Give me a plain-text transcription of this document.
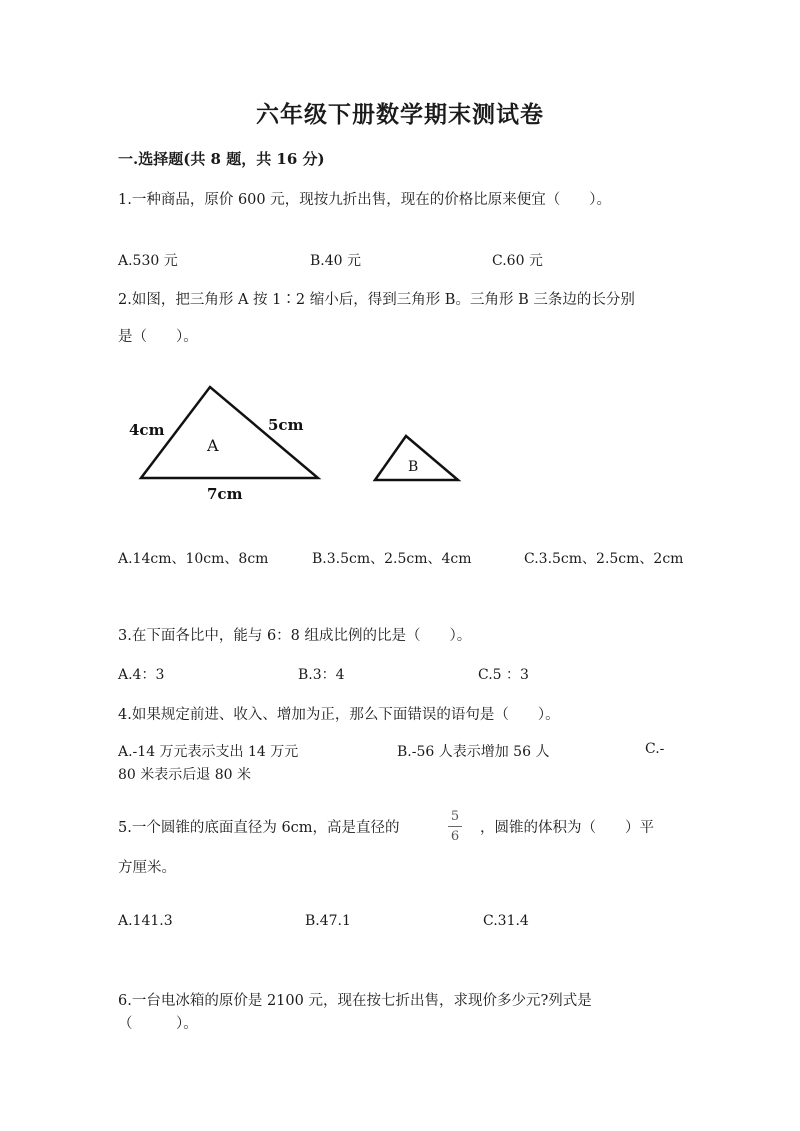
六年级下册数学期末测试卷
一.选择题(共 8 题，共 16 分)
1.一种商品，原价 600 元，现按九折出售，现在的价格比原来便宜（　　）。
A.530 元	B.40 元	C.60 元
2.如图，把三角形 A 按 1∶2 缩小后，得到三角形 B。三角形 B 三条边的长分别
是（　　）。
A
4cm	5cm
7cm
B
A.14cm、10cm、8cm	B.3.5cm、2.5cm、4cm	C.3.5cm、2.5cm、2cm
3.在下面各比中，能与 6：8 组成比例的比是（　　）。
A.4：3	B.3：4	C.5 ：3
4.如果规定前进、收入、增加为正，那么下面错误的语句是（　　）。
A.-14 万元表示支出 14 万元	B.-56 人表示增加 56 人	C.-
80 米表示后退 80 米
5.一个圆锥的底面直径为 6cm，高是直径的
5
6
，圆锥的体积为（　　）平
方厘米。
A.141.3	B.47.1	C.31.4
6.一台电冰箱的原价是 2100 元，现在按七折出售，求现价多少元?列式是
（　　　）。
